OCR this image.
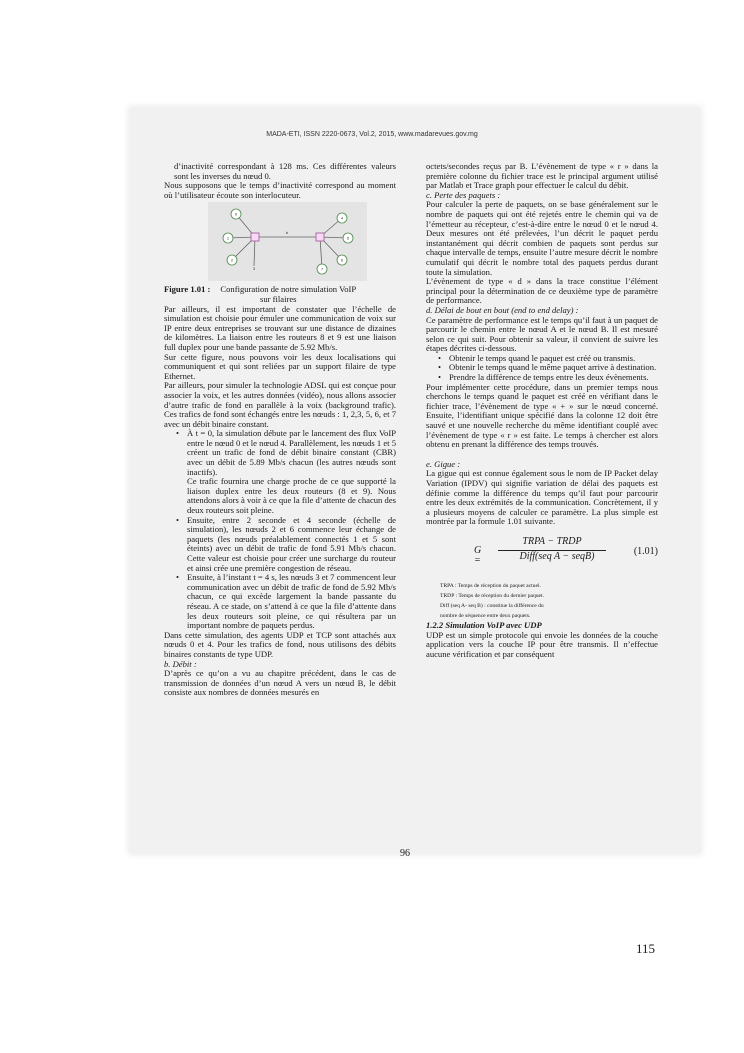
MADA-ETI, ISSN 2220-0673, Vol.2, 2015, www.madarevues.gov.mg

d’inactivité correspondant à 128 ms. Ces différentes valeurs sont les inverses du nœud 0.

Nous supposons que le temps d’inactivité correspond au moment où l’utilisateur écoute son interlocuteur.

b
0
1
2
3
4
5
6
7

Figure 1.01 : Configuration de notre simulation VoIP

sur filaires

Par ailleurs, il est important de constater que l’échelle de simulation est choisie pour émuler une communication de voix sur IP entre deux entreprises se trouvant sur une distance de dizaines de kilomètres. La liaison entre les routeurs 8 et 9 est une liaison full duplex pour une bande passante de 5.92 Mb/s.

Sur cette figure, nous pouvons voir les deux localisations qui communiquent et qui sont reliées par un support filaire de type Ethernet.

Par ailleurs, pour simuler la technologie ADSL qui est conçue pour associer la voix, et les autres données (vidéo), nous allons associer d’autre trafic de fond en parallèle à la voix (background trafic). Ces trafics de fond sont échangés entre les nœuds : 1, 2,3, 5, 6, et 7 avec un débit binaire constant.

• À t = 0, la simulation débute par le lancement des flux VoIP entre le nœud 0 et le nœud 4. Parallèlement, les nœuds 1 et 5 créent un trafic de fond de débit binaire constant (CBR) avec un débit de 5.89 Mb/s chacun (les autres nœuds sont inactifs).

Ce trafic fournira une charge proche de ce que supporté la liaison duplex entre les deux routeurs (8 et 9). Nous attendons alors à voir à ce que la file d’attente de chacun des deux routeurs soit pleine.

• Ensuite, entre 2 seconde et 4 seconde (échelle de simulation), les nœuds 2 et 6 commence leur échange de paquets (les nœuds préalablement connectés 1 et 5 sont éteints) avec un débit de trafic de fond 5.91 Mb/s chacun. Cette valeur est choisie pour créer une surcharge du routeur et ainsi crée une première congestion de réseau.

• Ensuite, à l’instant t = 4 s, les nœuds 3 et 7 commencent leur communication avec un débit de trafic de fond de 5.92 Mb/s chacun, ce qui excède largement la bande passante du réseau. A ce stade, on s’attend à ce que la file d’attente dans les deux routeurs soit pleine, ce qui résultera par un important nombre de paquets perdus.

Dans cette simulation, des agents UDP et TCP sont attachés aux nœuds 0 et 4. Pour les trafics de fond, nous utilisons des débits binaires constants de type UDP.

b. Débit :

D’après ce qu’on a vu au chapitre précédent, dans le cas de transmission de données d’un nœud A vers un nœud B, le débit consiste aux nombres de données mesurés en

octets/secondes reçus par B. L’évènement de type « r » dans la première colonne du fichier trace est le principal argument utilisé par Matlab et Trace graph pour effectuer le calcul du débit.

c. Perte des paquets :

Pour calculer la perte de paquets, on se base généralement sur le nombre de paquets qui ont été rejetés entre le chemin qui va de l’émetteur au récepteur, c’est-à-dire entre le nœud 0 et le nœud 4. Deux mesures ont été prélevées, l’un décrit le paquet perdu instantanément qui décrit combien de paquets sont perdus sur chaque intervalle de temps, ensuite l’autre mesure décrit le nombre cumulatif qui décrit le nombre total des paquets perdus durant toute la simulation.

L’évènement de type « d » dans la trace constitue l’élément principal pour la détermination de ce deuxième type de paramètre de performance.

d. Délai de bout en bout (end to end delay) :

Ce paramètre de performance est le temps qu’il faut à un paquet de parcourir le chemin entre le nœud A et le nœud B. Il est mesuré selon ce qui suit. Pour obtenir sa valeur, il convient de suivre les étapes décrites ci-dessous.

• Obtenir le temps quand le paquet est créé ou transmis.

• Obtenir le temps quand le même paquet arrive à destination.

• Prendre la différence de temps entre les deux évènements.

Pour implémenter cette procédure, dans un premier temps nous cherchons le temps quand le paquet est créé en vérifiant dans le fichier trace, l’évènement de type « + » sur le nœud concerné. Ensuite, l’identifiant unique spécifié dans la colonne 12 doit être sauvé et une nouvelle recherche du même identifiant couplé avec l’évènement de type « r » est faite. Le temps à chercher est alors obtenu en prenant la différence des temps trouvés.

e. Gigue :

La gigue qui est connue également sous le nom de IP Packet delay Variation (IPDV) qui signifie variation de délai des paquets est définie comme la différence du temps qu’il faut pour parcourir entre les deux extrémités de la communication. Concrètement, il y a plusieurs moyens de calculer ce paramètre. La plus simple est montrée par la formule 1.01 suivante.

G =
TRPA − TRDP
Diff(seq A − seqB)	(1.01)

TRPA : Temps de réception du paquet actuel.

TRDP : Temps de réception du dernier paquet.

Diff (seq A- seq B) : constitue la différence du

nombre de séquence entre deux paquets.

1.2.2 Simulation VoIP avec UDP

UDP est un simple protocole qui envoie les données de la couche application vers la couche IP pour être transmis. Il n’effectue aucune vérification et par conséquent

96
115
